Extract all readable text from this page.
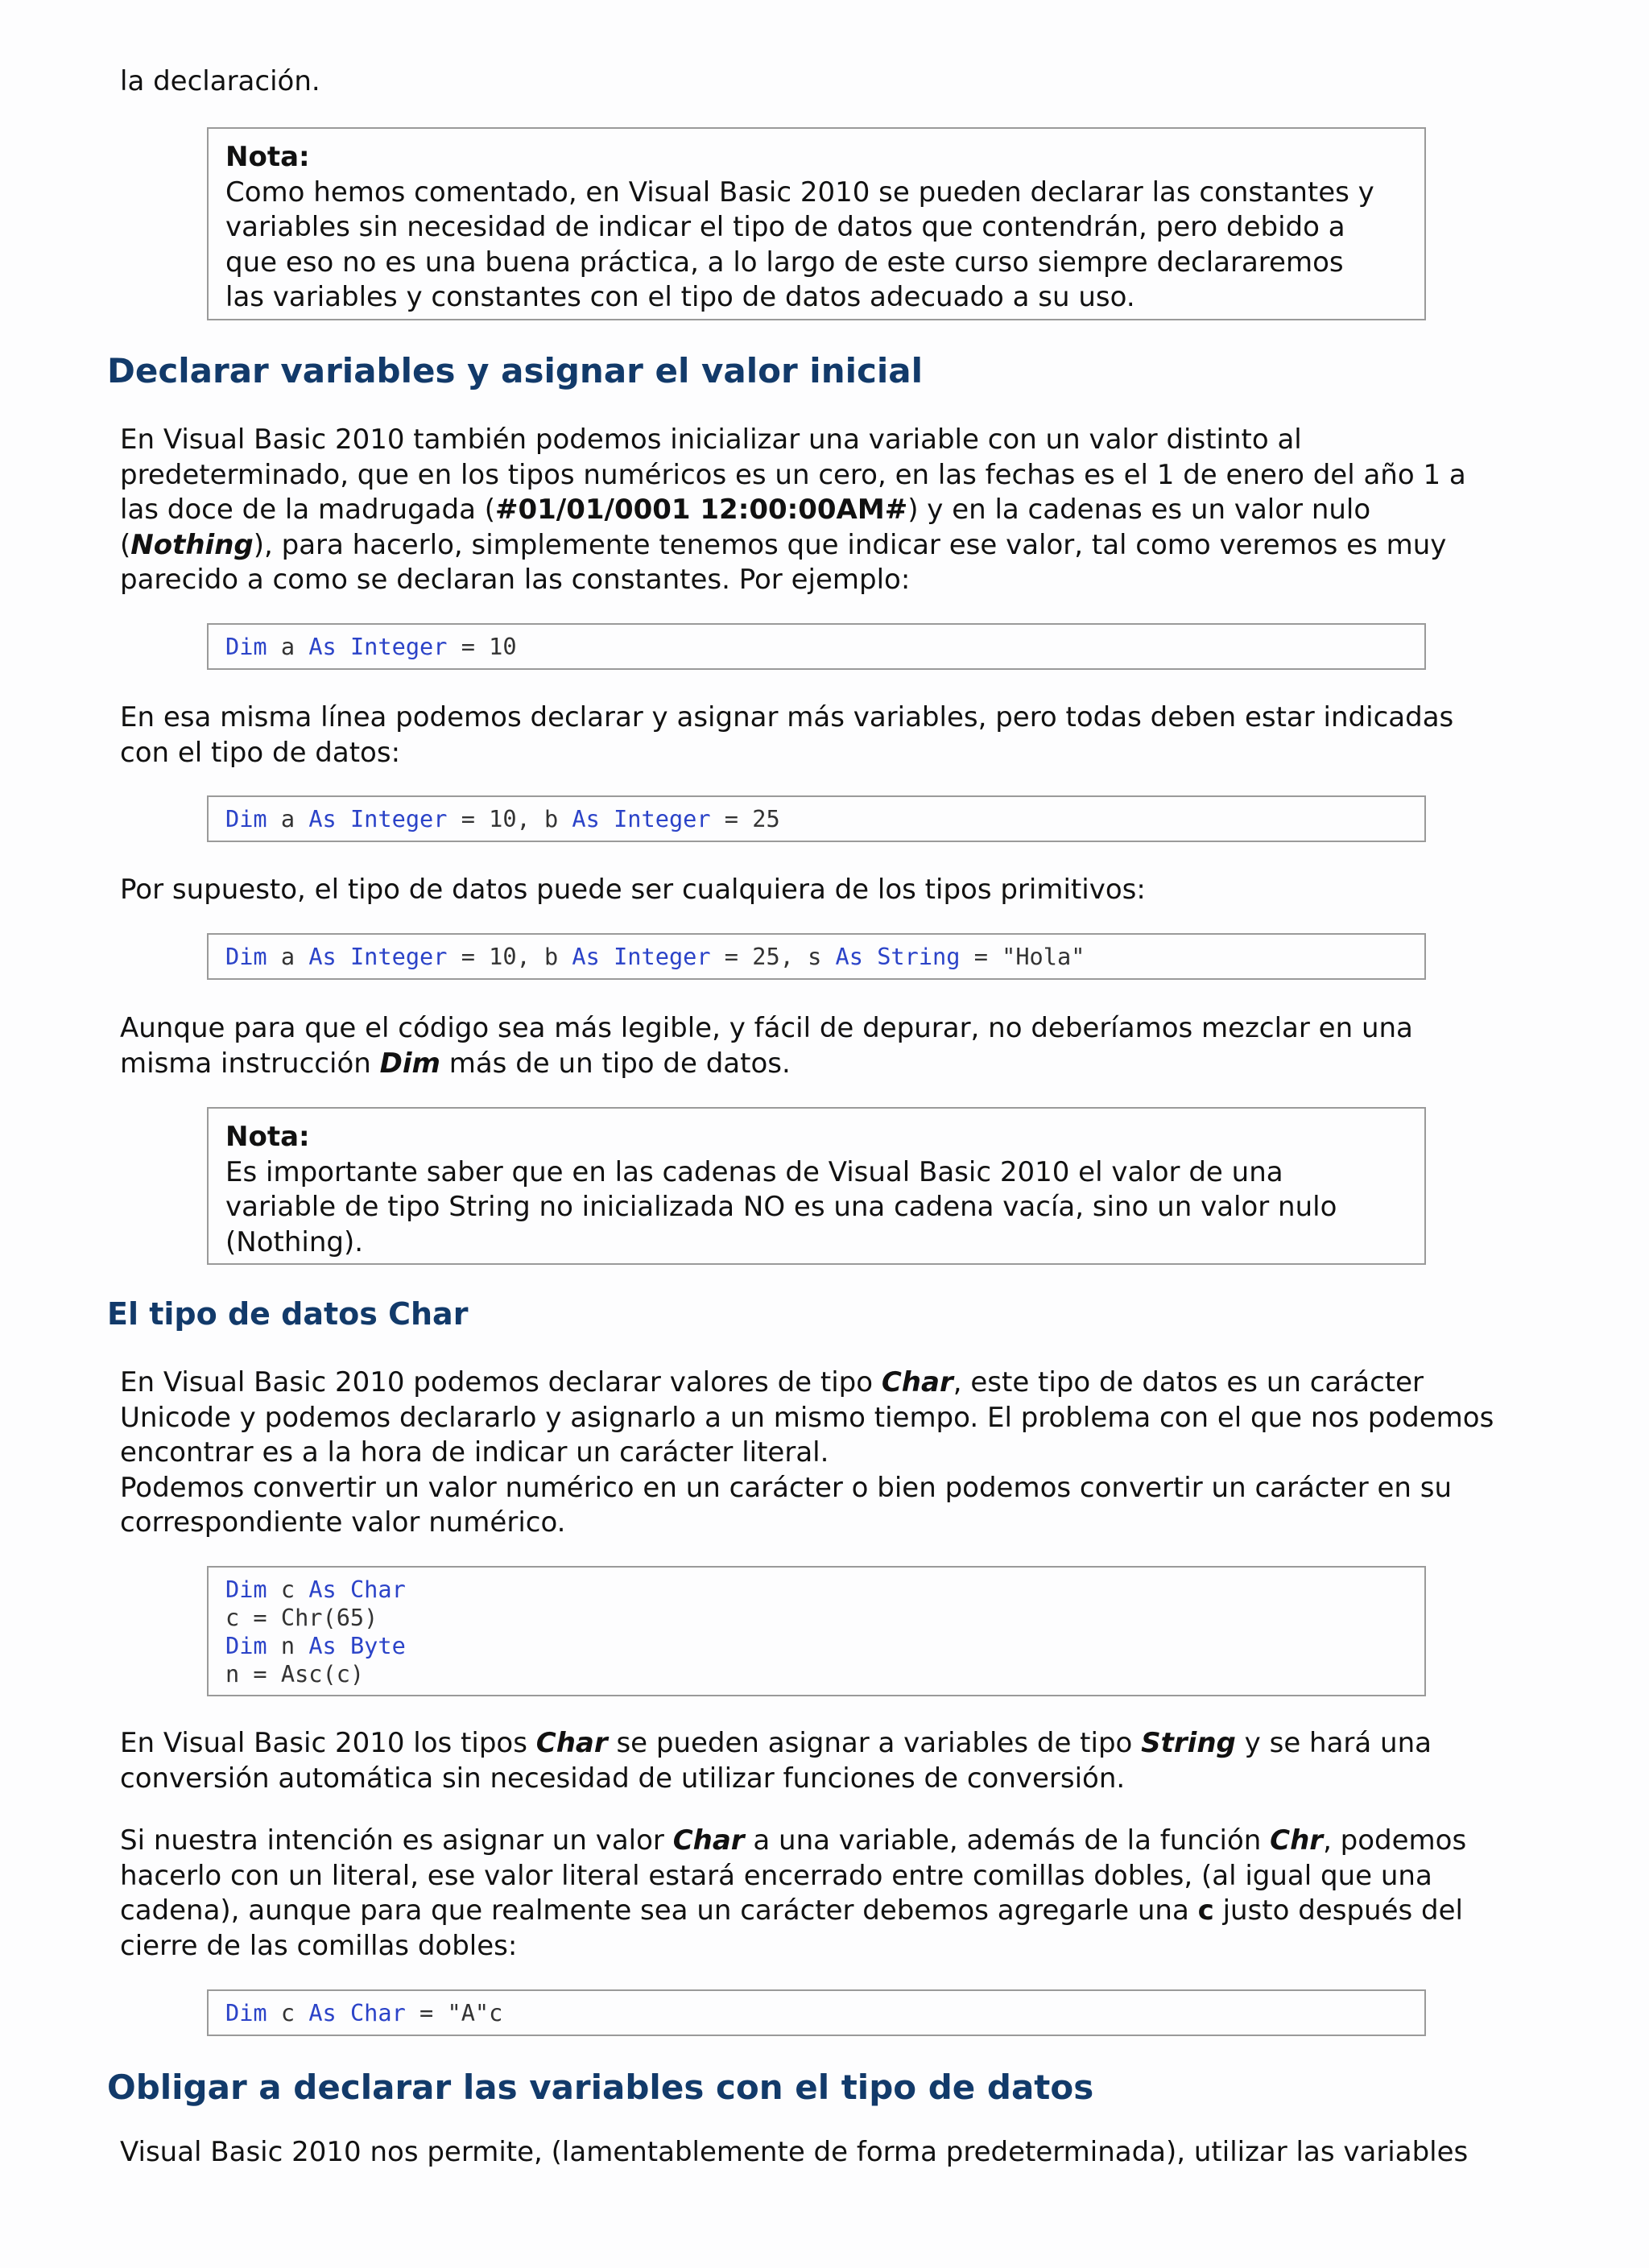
la declaración.

Nota:
Como hemos comentado, en Visual Basic 2010 se pueden declarar las constantes y
variables sin necesidad de indicar el tipo de datos que contendrán, pero debido a
que eso no es una buena práctica, a lo largo de este curso siempre declararemos
las variables y constantes con el tipo de datos adecuado a su uso.
Declarar variables y asignar el valor inicial
En Visual Basic 2010 también podemos inicializar una variable con un valor distinto al
predeterminado, que en los tipos numéricos es un cero, en las fechas es el 1 de enero del año 1 a
las doce de la madrugada (#01/01/0001 12:00:00AM#) y en la cadenas es un valor nulo
(Nothing), para hacerlo, simplemente tenemos que indicar ese valor, tal como veremos es muy
parecido a como se declaran las constantes. Por ejemplo:
Dim a As Integer = 10
En esa misma línea podemos declarar y asignar más variables, pero todas deben estar indicadas
con el tipo de datos:
Dim a As Integer = 10, b As Integer = 25

Por supuesto, el tipo de datos puede ser cualquiera de los tipos primitivos:

Dim a As Integer = 10, b As Integer = 25, s As String = "Hola"
Aunque para que el código sea más legible, y fácil de depurar, no deberíamos mezclar en una
misma instrucción Dim más de un tipo de datos.
Nota:
Es importante saber que en las cadenas de Visual Basic 2010 el valor de una
variable de tipo String no inicializada NO es una cadena vacía, sino un valor nulo
(Nothing).
El tipo de datos Char
En Visual Basic 2010 podemos declarar valores de tipo Char, este tipo de datos es un carácter
Unicode y podemos declararlo y asignarlo a un mismo tiempo. El problema con el que nos podemos
encontrar es a la hora de indicar un carácter literal.
Podemos convertir un valor numérico en un carácter o bien podemos convertir un carácter en su
correspondiente valor numérico.
Dim c As Char
c = Chr(65)
Dim n As Byte
n = Asc(c)
En Visual Basic 2010 los tipos Char se pueden asignar a variables de tipo String y se hará una
conversión automática sin necesidad de utilizar funciones de conversión.
Si nuestra intención es asignar un valor Char a una variable, además de la función Chr, podemos
hacerlo con un literal, ese valor literal estará encerrado entre comillas dobles, (al igual que una
cadena), aunque para que realmente sea un carácter debemos agregarle una c justo después del
cierre de las comillas dobles:
Dim c As Char = "A"c
Obligar a declarar las variables con el tipo de datos

Visual Basic 2010 nos permite, (lamentablemente de forma predeterminada), utilizar las variables
